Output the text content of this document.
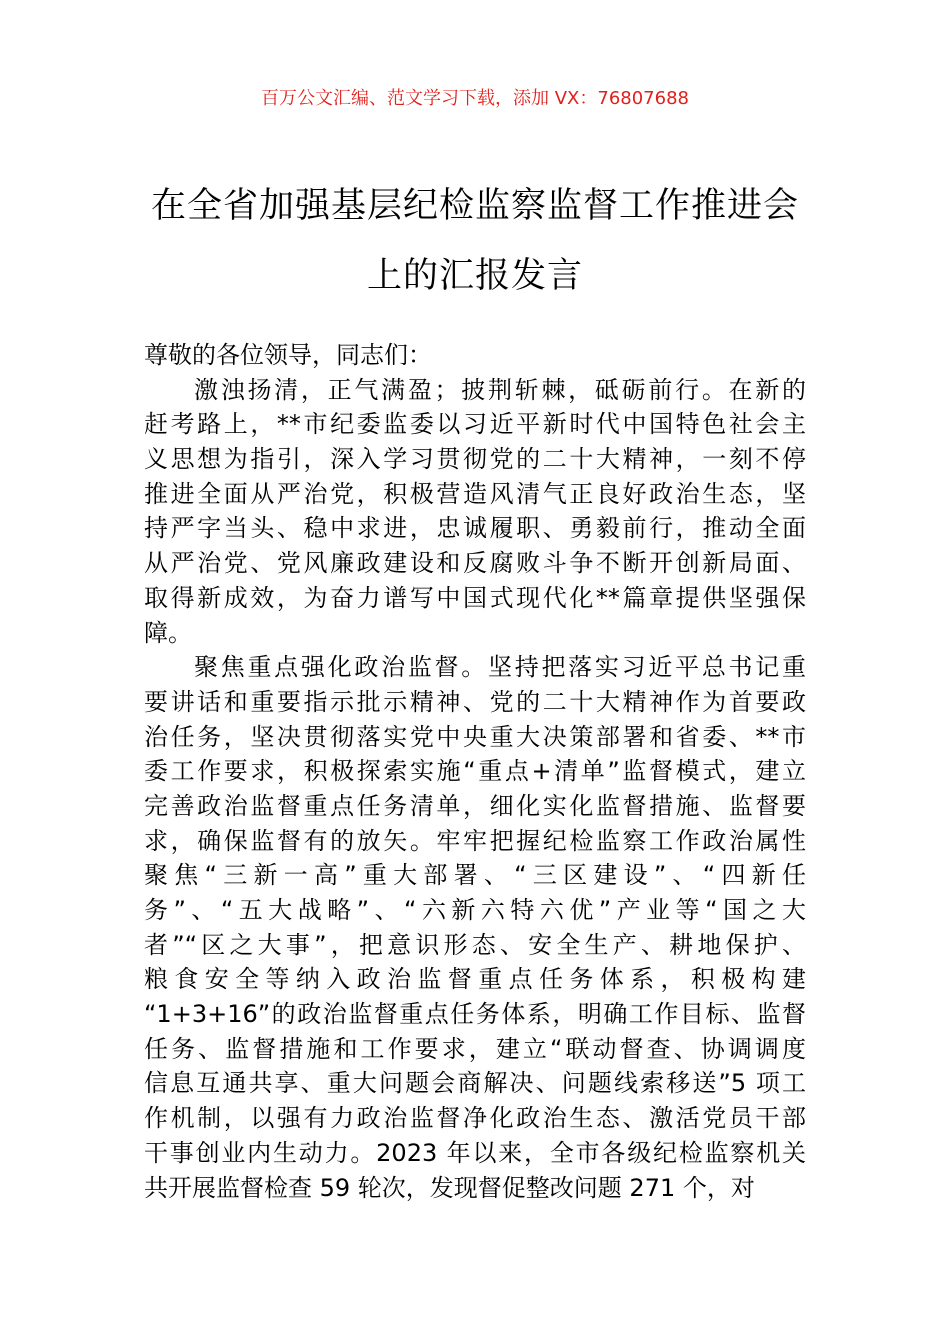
百万公文汇编、范文学习下载，添加 VX：76807688
在全省加强基层纪检监察监督工作推进会
上的汇报发言
尊敬的各位领导，同志们：
激浊扬清，正气满盈；披荆斩棘，砥砺前行。在新的
赶考路上，**市纪委监委以习近平新时代中国特色社会主
义思想为指引，深入学习贯彻党的二十大精神，一刻不停
推进全面从严治党，积极营造风清气正良好政治生态，坚
持严字当头、稳中求进，忠诚履职、勇毅前行，推动全面
从严治党、党风廉政建设和反腐败斗争不断开创新局面、
取得新成效，为奋力谱写中国式现代化**篇章提供坚强保
障。
聚焦重点强化政治监督。坚持把落实习近平总书记重
要讲话和重要指示批示精神、党的二十大精神作为首要政
治任务，坚决贯彻落实党中央重大决策部署和省委、**市
委工作要求，积极探索实施“重点+清单”监督模式，建立
完善政治监督重点任务清单，细化实化监督措施、监督要
求，确保监督有的放矢。牢牢把握纪检监察工作政治属性
聚焦“三新一高”重大部署、“三区建设”、“四新任
务”、“五大战略”、“六新六特六优”产业等“国之大
者”“区之大事”，把意识形态、安全生产、耕地保护、
粮食安全等纳入政治监督重点任务体系，积极构建
“1+3+16”的政治监督重点任务体系，明确工作目标、监督
任务、监督措施和工作要求，建立“联动督查、协调调度
信息互通共享、重大问题会商解决、问题线索移送”5 项工
作机制，以强有力政治监督净化政治生态、激活党员干部
干事创业内生动力。2023 年以来，全市各级纪检监察机关
共开展监督检查 59 轮次，发现督促整改问题 271 个，对
